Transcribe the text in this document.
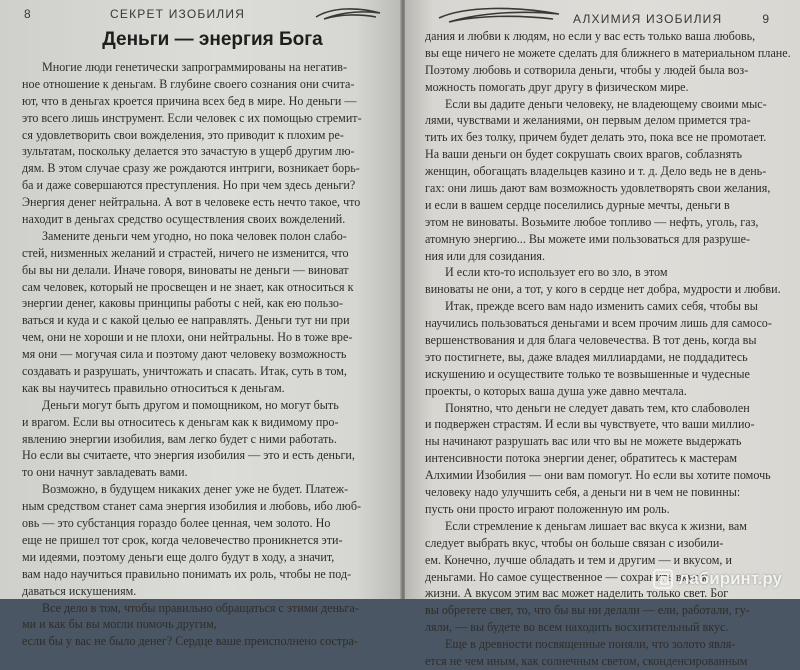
8	СЕКРЕТ ИЗОБИЛИЯ
Деньги — энергия Бога
Многие люди генетически запрограммированы на негатив-
ное отношение к деньгам. В глубине своего сознания они счита-
ют, что в деньгах кроется причина всех бед в мире. Но деньги —
это всего лишь инструмент. Если человек с их помощью стремит-
ся удовлетворить свои вожделения, это приводит к плохим ре-
зультатам, поскольку делается это зачастую в ущерб другим лю-
дям. В этом случае сразу же рождаются интриги, возникает борь-
ба и даже совершаются преступления. Но при чем здесь деньги?
Энергия денег нейтральна. А вот в человеке есть нечто такое, что
находит в деньгах средство осуществления своих вожделений.
Замените деньги чем угодно, но пока человек полон слабо-
стей, низменных желаний и страстей, ничего не изменится, что
бы вы ни делали. Иначе говоря, виноваты не деньги — виноват
сам человек, который не просвещен и не знает, как относиться к
энергии денег, каковы принципы работы с ней, как ею пользо-
ваться и куда и с какой целью ее направлять. Деньги тут ни при
чем, они не хороши и не плохи, они нейтральны. Но в тоже вре-
мя они — могучая сила и поэтому дают человеку возможность
создавать и разрушать, уничтожать и спасать. Итак, суть в том,
как вы научитесь правильно относиться к деньгам.
Деньги могут быть другом и помощником, но могут быть
и врагом. Если вы относитесь к деньгам как к видимому про-
явлению энергии изобилия, вам легко будет с ними работать.
Но если вы считаете, что энергия изобилия — это и есть деньги,
то они начнут завладевать вами.
Возможно, в будущем никаких денег уже не будет. Платеж-
ным средством станет сама энергия изобилия и любовь, ибо люб-
овь — это субстанция гораздо более ценная, чем золото. Но
еще не пришел тот срок, когда человечество проникнется эти-
ми идеями, поэтому деньги еще долго будут в ходу, а значит,
вам надо научиться правильно понимать их роль, чтобы не под-
даваться искушениям.
Все дело в том, чтобы правильно обращаться с этими деньга-
ми и как бы вы могли помочь другим,
если бы у вас не было денег? Сердце ваше преисполнено состра-
АЛХИМИЯ ИЗОБИЛИЯ	9
дания и любви к людям, но если у вас есть только ваша любовь,
вы еще ничего не можете сделать для ближнего в материальном плане.
Поэтому любовь и сотворила деньги, чтобы у людей была воз-
можность помогать друг другу в физическом мире.
Если вы дадите деньги человеку, не владеющему своими мыс-
лями, чувствами и желаниями, он первым делом примется тра-
тить их без толку, причем будет делать это, пока все не промотает.
На ваши деньги он будет сокрушать своих врагов, соблазнять
женщин, обогащать владельцев казино и т. д. Дело ведь не в день-
гах: они лишь дают вам возможность удовлетворять свои желания,
и если в вашем сердце поселились дурные мечты, деньги в
этом не виноваты. Возьмите любое топливо — нефть, уголь, газ,
атомную энергию... Вы можете ими пользоваться для разруше-
ния или для созидания.
И если кто-то использует его во зло, в этом
виноваты не они, а тот, у кого в сердце нет добра, мудрости и любви.
Итак, прежде всего вам надо изменить самих себя, чтобы вы
научились пользоваться деньгами и всем прочим лишь для самосо-
вершенствования и для блага человечества. В тот день, когда вы
это постигнете, вы, даже владея миллиардами, не поддадитесь
искушению и осуществите только те возвышенные и чудесные
проекты, о которых ваша душа уже давно мечтала.
Понятно, что деньги не следует давать тем, кто слабоволен
и подвержен страстям. И если вы чувствуете, что ваши миллио-
ны начинают разрушать вас или что вы не можете выдержать
интенсивности потока энергии денег, обратитесь к мастерам
Алхимии Изобилия — они вам помогут. Но если вы хотите помочь
человеку надо улучшить себя, а деньги ни в чем не повинны:
пусть они просто играют положенную им роль.
Если стремление к деньгам лишает вас вкуса к жизни, вам
следует выбрать вкус, чтобы он больше связан с изобили-
ем. Конечно, лучше обладать и тем и другим — и вкусом, и
деньгами. Но самое существенное — сохранить вкус к
жизни. А вкусом этим вас может наделить только свет. Бог
вы обретете свет, то, что бы вы ни делали — ели, работали, гу-
ляли, — вы будете во всем находить восхитительный вкус.
Еще в древности посвященные поняли, что золото явля-
ется не чем иным, как солнечным светом, сконденсированным
лабиринт.ру
